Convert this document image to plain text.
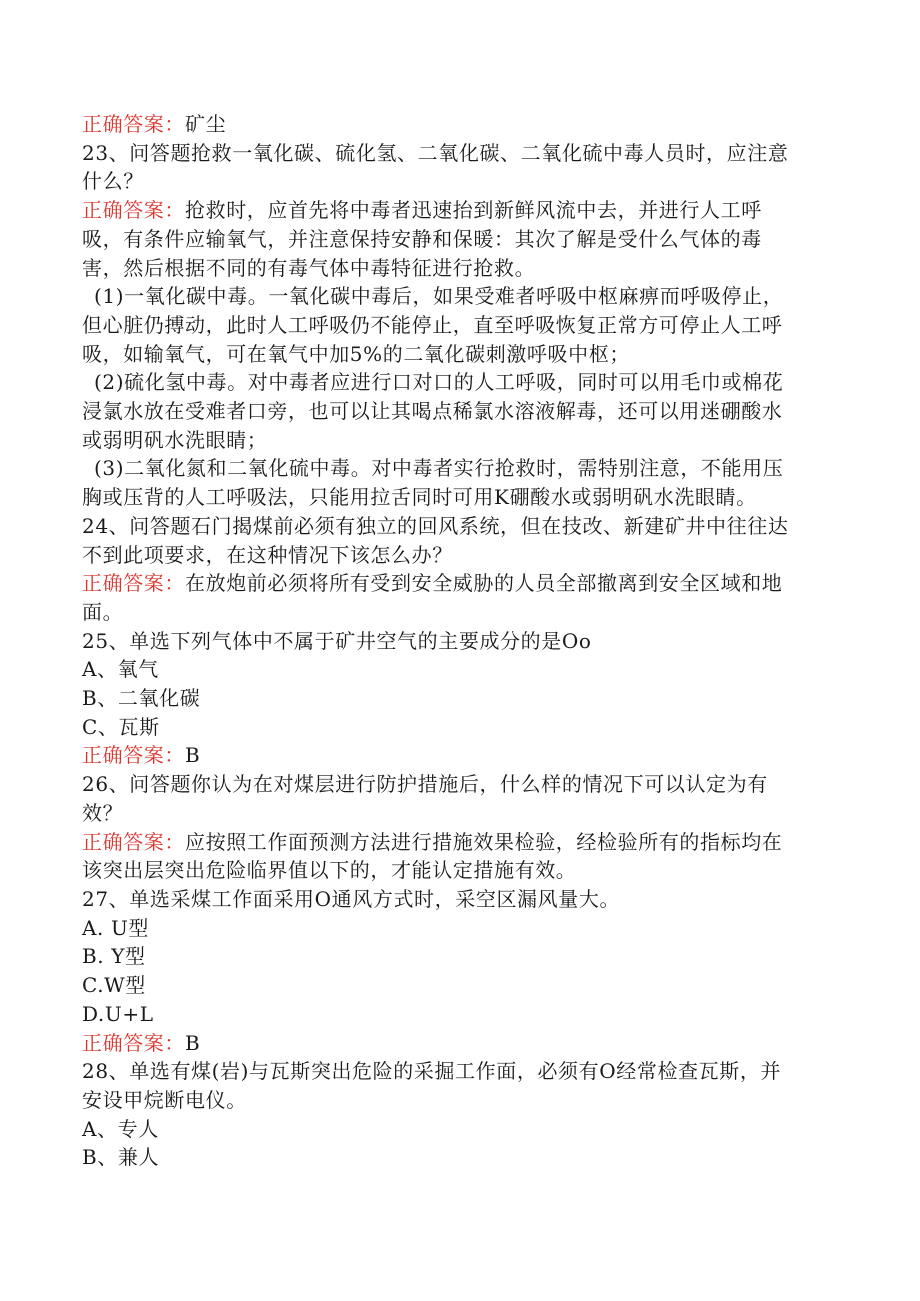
正确答案：矿尘
23、问答题抢救一氧化碳、硫化氢、二氧化碳、二氧化硫中毒人员时，应注意
什么？
正确答案：抢救时，应首先将中毒者迅速抬到新鲜风流中去，并进行人工呼
吸，有条件应输氧气，并注意保持安静和保暖：其次了解是受什么气体的毒
害，然后根据不同的有毒气体中毒特征进行抢救。
(1)一氧化碳中毒。一氧化碳中毒后，如果受难者呼吸中枢麻痹而呼吸停止，
但心脏仍搏动，此时人工呼吸仍不能停止，直至呼吸恢复正常方可停止人工呼
吸，如输氧气，可在氧气中加5%的二氧化碳刺激呼吸中枢；
(2)硫化氢中毒。对中毒者应进行口对口的人工呼吸，同时可以用毛巾或棉花
浸氯水放在受难者口旁，也可以让其喝点稀氯水溶液解毒，还可以用迷硼酸水
或弱明矾水洗眼睛；
(3)二氧化氮和二氧化硫中毒。对中毒者实行抢救时，需特别注意，不能用压
胸或压背的人工呼吸法，只能用拉舌同时可用K硼酸水或弱明矾水洗眼睛。
24、问答题石门揭煤前必须有独立的回风系统，但在技改、新建矿井中往往达
不到此项要求，在这种情况下该怎么办？
正确答案：在放炮前必须将所有受到安全威胁的人员全部撤离到安全区域和地
面。
25、单选下列气体中不属于矿井空气的主要成分的是Oo
A、氧气
B、二氧化碳
C、瓦斯
正确答案：B
26、问答题你认为在对煤层进行防护措施后，什么样的情况下可以认定为有
效？
正确答案：应按照工作面预测方法进行措施效果检验，经检验所有的指标均在
该突出层突出危险临界值以下的，才能认定措施有效。
27、单选采煤工作面采用O通风方式时，采空区漏风量大。
A. U型
B. Y型
C.W型
D.U+L
正确答案：B
28、单选有煤(岩)与瓦斯突出危险的采掘工作面，必须有O经常检查瓦斯，并
安设甲烷断电仪。
A、专人
B、兼人
